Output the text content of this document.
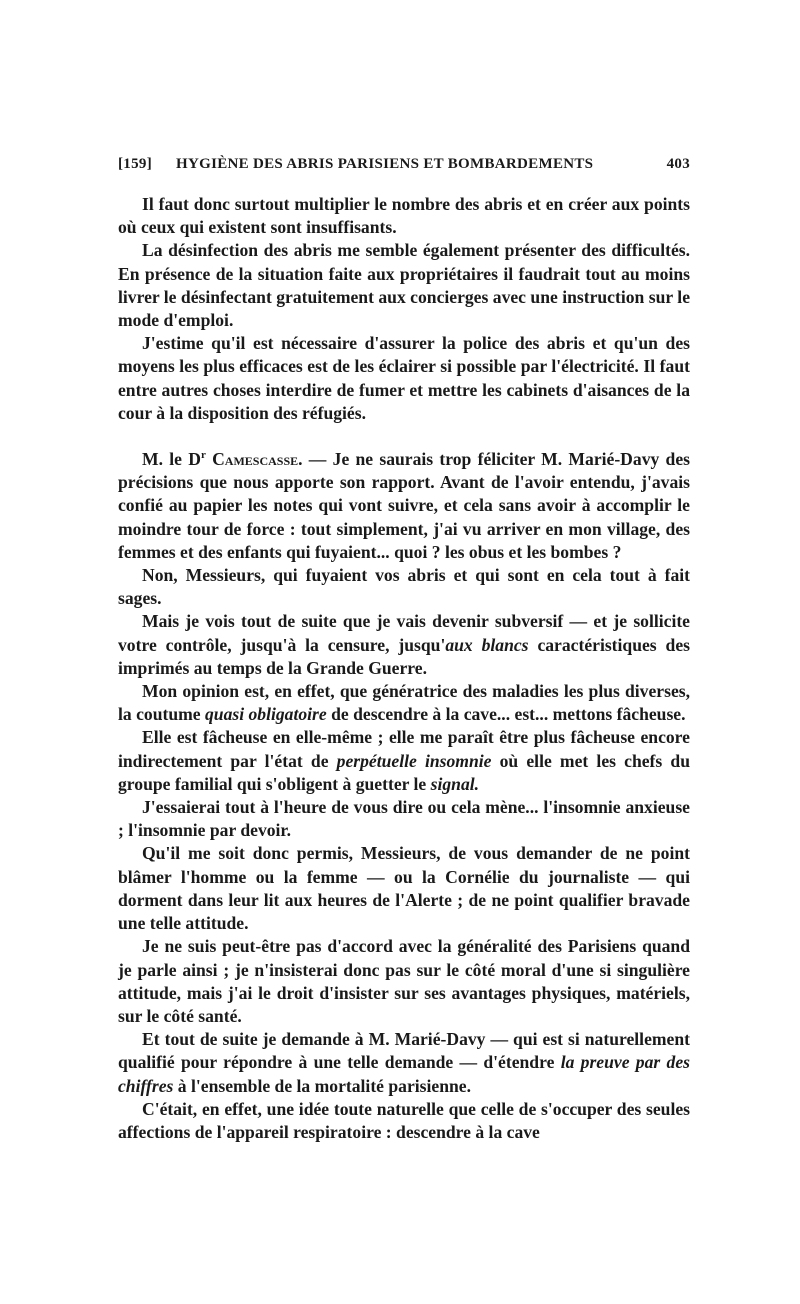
[159] HYGIÈNE DES ABRIS PARISIENS ET BOMBARDEMENTS	403

Il faut donc surtout multiplier le nombre des abris et en créer aux points où ceux qui existent sont insuffisants.

La désinfection des abris me semble également présenter des difficultés. En présence de la situation faite aux propriétaires il faudrait tout au moins livrer le désinfectant gratuitement aux concierges avec une instruction sur le mode d'emploi.

J'estime qu'il est nécessaire d'assurer la police des abris et qu'un des moyens les plus efficaces est de les éclairer si possible par l'électricité. Il faut entre autres choses interdire de fumer et mettre les cabinets d'aisances de la cour à la disposition des réfugiés.

M. le $D^r$ Camescasse. — Je ne saurais trop féliciter M. Marié-Davy des précisions que nous apporte son rapport. Avant de l'avoir entendu, j'avais confié au papier les notes qui vont suivre, et cela sans avoir à accomplir le moindre tour de force : tout simplement, j'ai vu arriver en mon village, des femmes et des enfants qui fuyaient... quoi ? les obus et les bombes ?

Non, Messieurs, qui fuyaient vos abris et qui sont en cela tout à fait sages.

Mais je vois tout de suite que je vais devenir subversif — et je sollicite votre contrôle, jusqu'à la censure, jusqu'aux blancs caractéristiques des imprimés au temps de la Grande Guerre.

Mon opinion est, en effet, que génératrice des maladies les plus diverses, la coutume quasi obligatoire de descendre à la cave... est... mettons fâcheuse.

Elle est fâcheuse en elle-même ; elle me paraît être plus fâcheuse encore indirectement par l'état de perpétuelle insomnie où elle met les chefs du groupe familial qui s'obligent à guetter le signal.

J'essaierai tout à l'heure de vous dire ou cela mène... l'insomnie anxieuse ; l'insomnie par devoir.

Qu'il me soit donc permis, Messieurs, de vous demander de ne point blâmer l'homme ou la femme — ou la Cornélie du journaliste — qui dorment dans leur lit aux heures de l'Alerte ; de ne point qualifier bravade une telle attitude.

Je ne suis peut-être pas d'accord avec la généralité des Parisiens quand je parle ainsi ; je n'insisterai donc pas sur le côté moral d'une si singulière attitude, mais j'ai le droit d'insister sur ses avantages physiques, matériels, sur le côté santé.

Et tout de suite je demande à M. Marié-Davy — qui est si naturellement qualifié pour répondre à une telle demande — d'étendre la preuve par des chiffres à l'ensemble de la mortalité parisienne.

C'était, en effet, une idée toute naturelle que celle de s'occuper des seules affections de l'appareil respiratoire : descendre à la cave
